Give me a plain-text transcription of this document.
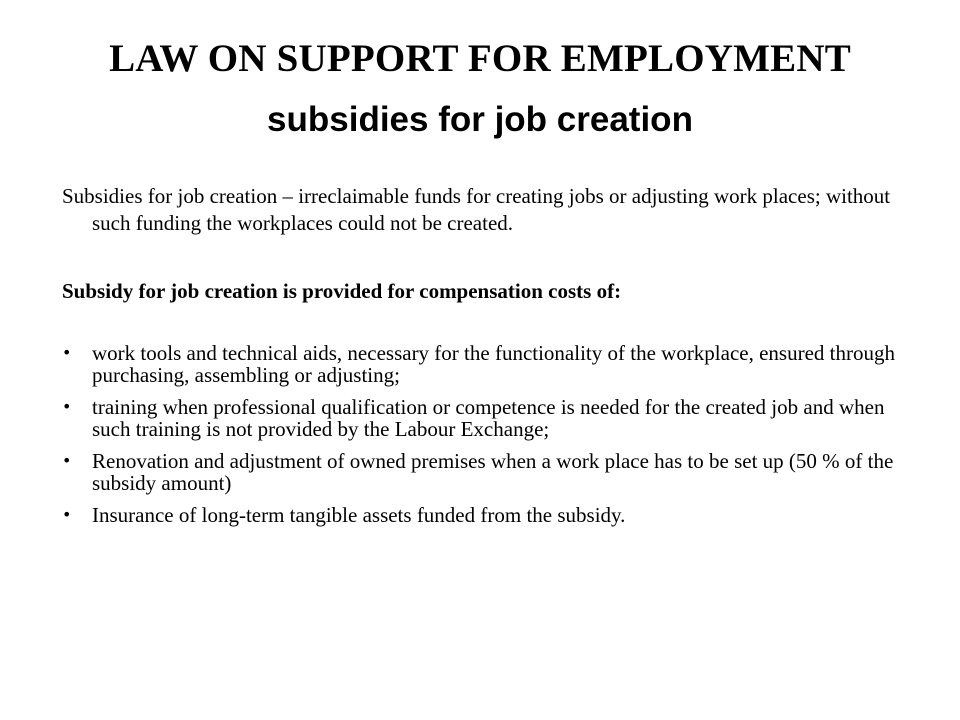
LAW ON SUPPORT FOR EMPLOYMENT
subsidies for job creation

Subsidies for job creation – irreclaimable funds for creating jobs or adjusting work places; without such funding the workplaces could not be created.

Subsidy for job creation is provided for compensation costs of:

• work tools and technical aids, necessary for the functionality of the workplace, ensured through purchasing, assembling or adjusting;
• training when professional qualification or competence is needed for the created job and when such training is not provided by the Labour Exchange;
• Renovation and adjustment of owned premises when a work place has to be set up (50 % of the subsidy amount)
• Insurance of long-term tangible assets funded from the subsidy.
